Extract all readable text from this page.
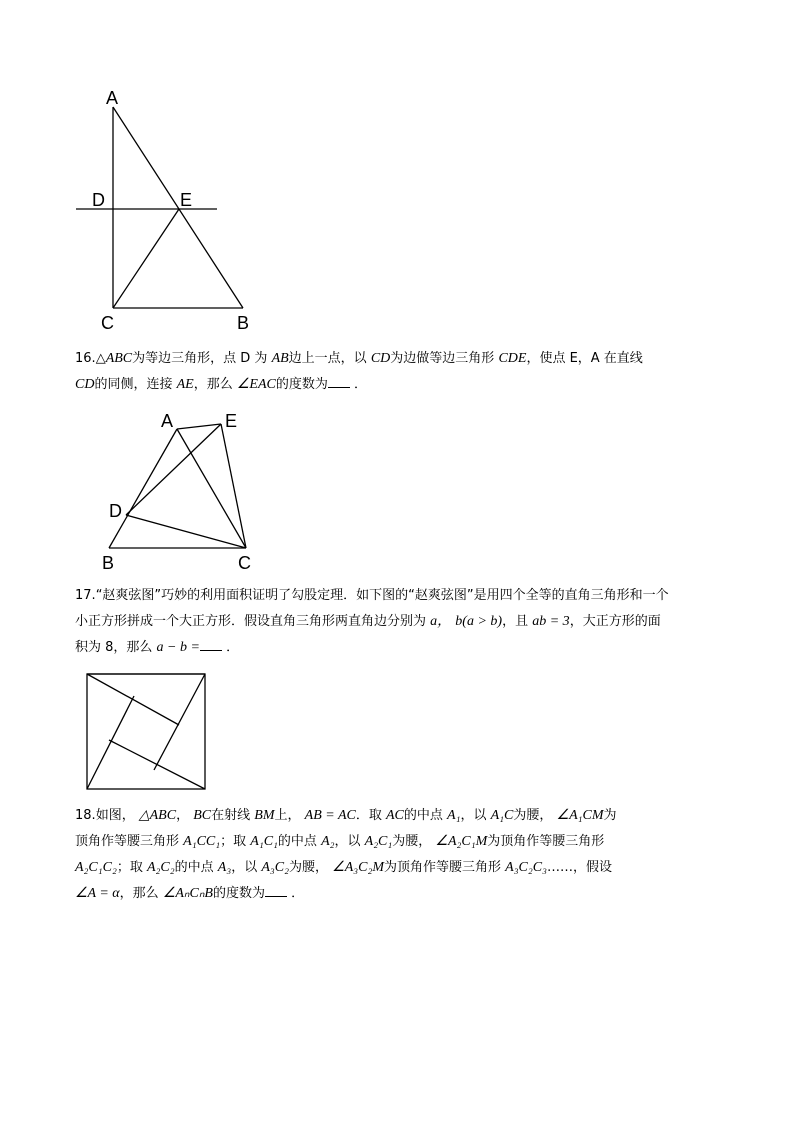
A
D	E
C	B

16.△ABC为等边三角形，点 D 为 AB边上一点，以 CD为边做等边三角形 CDE，使点 E，A 在直线

CD的同侧，连接 AE，那么 ∠EAC的度数为 ．

A	E
D
B	C

17.“赵爽弦图”巧妙的利用面积证明了勾股定理．如下图的“赵爽弦图”是用四个全等的直角三角形和一个

小正方形拼成一个大正方形．假设直角三角形两直角边分别为 a， b(a > b)，且 ab = 3，大正方形的面

积为 8，那么 a − b = ．

18.如图， △ABC， BC在射线 BM上， AB = AC．取 AC的中点 A₁，以 A₁C为腰， ∠A₁CM为

顶角作等腰三角形 A₁CC₁；取 A₁C₁的中点 A₂，以 A₂C₁为腰， ∠A₂C₁M为顶角作等腰三角形

A₂C₁C₂；取 A₂C₂的中点 A₃，以 A₃C₂为腰， ∠A₃C₂M为顶角作等腰三角形 A₃C₂C₃……，假设

∠A = α，那么 ∠AₙCₙB的度数为 ．
